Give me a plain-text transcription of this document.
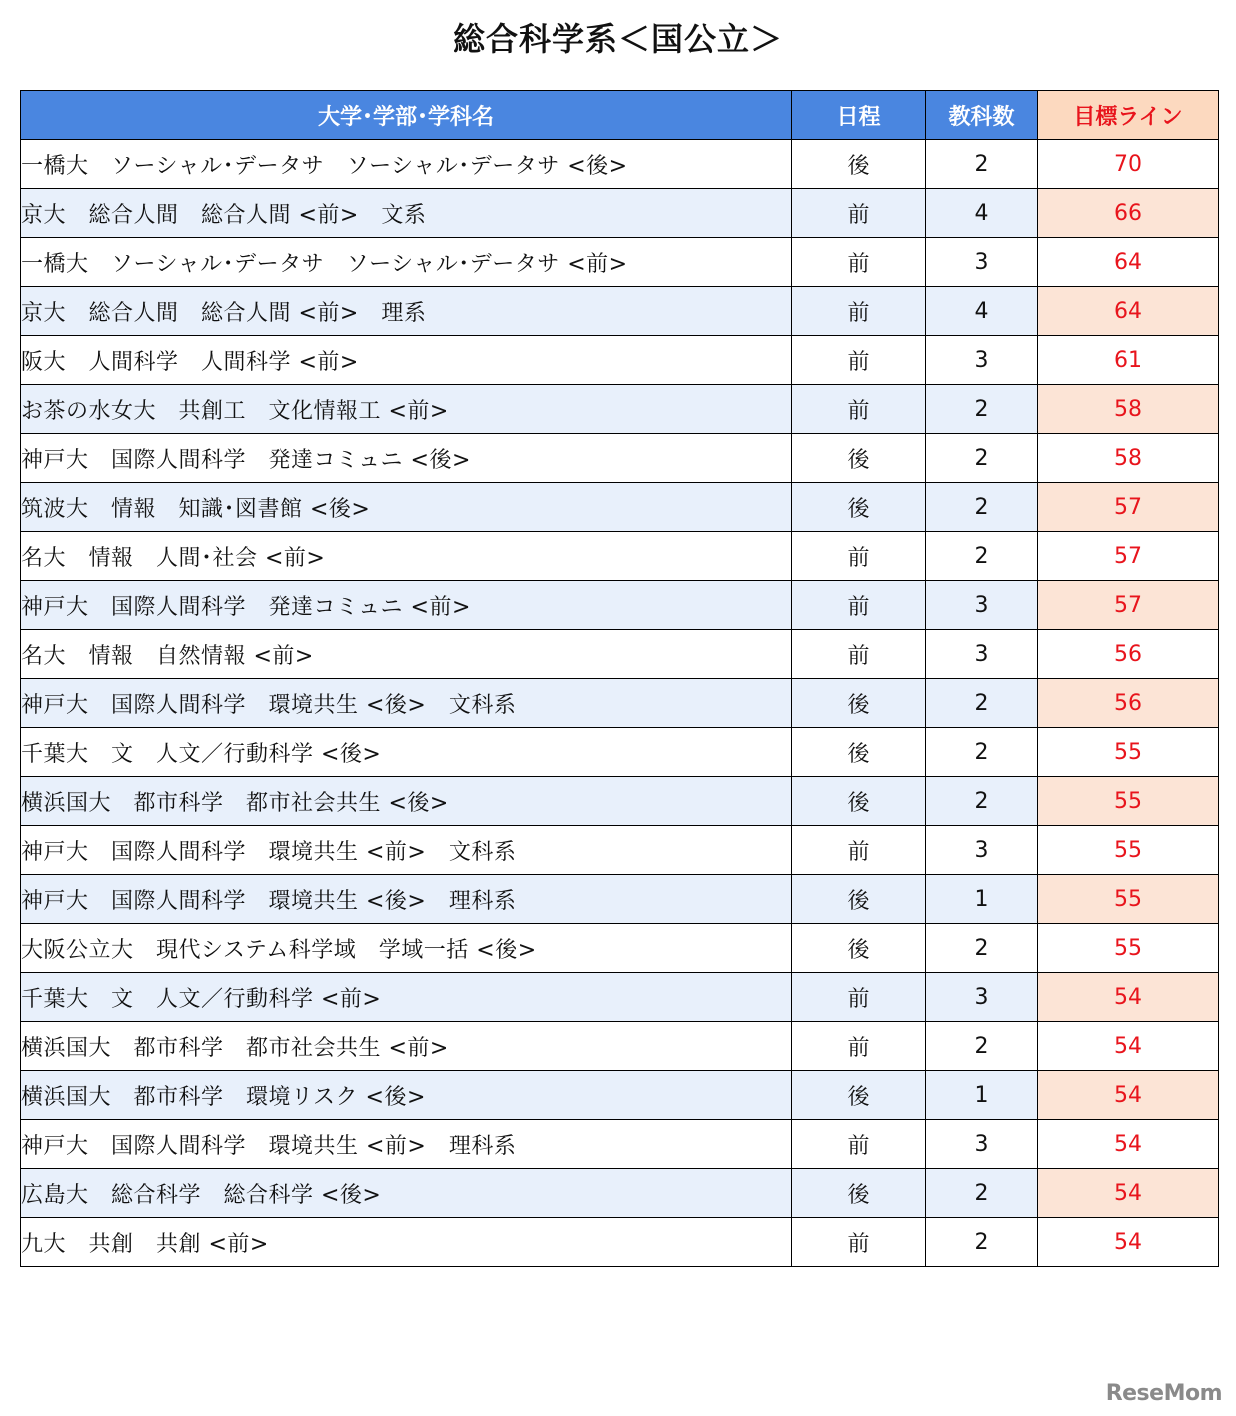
総合科学系＜国公立＞
大学･学部･学科名	日程	教科数	目標ライン
一橋大　ソーシャル･データサ　ソーシャル･データサ <後>	後	2	70
京大　総合人間　総合人間 <前>　文系	前	4	66
一橋大　ソーシャル･データサ　ソーシャル･データサ <前>	前	3	64
京大　総合人間　総合人間 <前>　理系	前	4	64
阪大　人間科学　人間科学 <前>	前	3	61
お茶の水女大　共創工　文化情報工 <前>	前	2	58
神戸大　国際人間科学　発達コミュニ <後>	後	2	58
筑波大　情報　知識･図書館 <後>	後	2	57
名大　情報　人間･社会 <前>	前	2	57
神戸大　国際人間科学　発達コミュニ <前>	前	3	57
名大　情報　自然情報 <前>	前	3	56
神戸大　国際人間科学　環境共生 <後>　文科系	後	2	56
千葉大　文　人文／行動科学 <後>	後	2	55
横浜国大　都市科学　都市社会共生 <後>	後	2	55
神戸大　国際人間科学　環境共生 <前>　文科系	前	3	55
神戸大　国際人間科学　環境共生 <後>　理科系	後	1	55
大阪公立大　現代システム科学域　学域一括 <後>	後	2	55
千葉大　文　人文／行動科学 <前>	前	3	54
横浜国大　都市科学　都市社会共生 <前>	前	2	54
横浜国大　都市科学　環境リスク <後>	後	1	54
神戸大　国際人間科学　環境共生 <前>　理科系	前	3	54
広島大　総合科学　総合科学 <後>	後	2	54
九大　共創　共創 <前>	前	2	54
ReseMom
